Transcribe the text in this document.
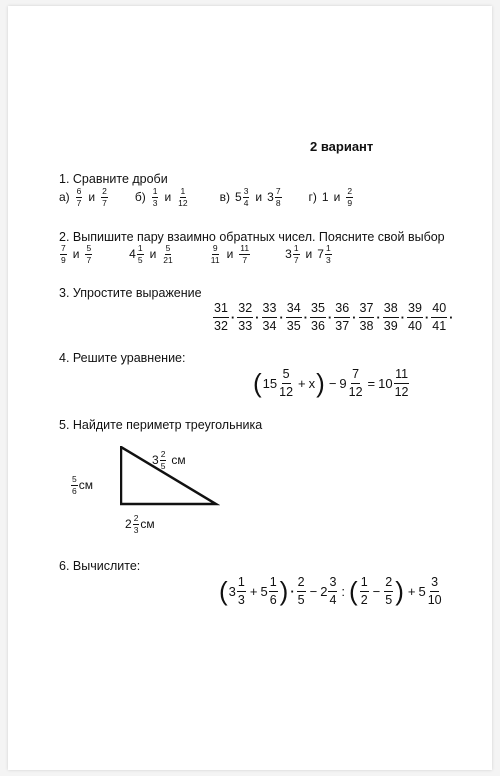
2 вариант
1. Сравните дроби
$а) \frac{6}{7}$ и $\frac{2}{7} б) \frac{1}{3}$ и $\frac{1}{12}$	в) $5 \frac{3}{4}$ и $3 \frac{7}{8} г$) 1 и $\frac{2}{9}$
2. Выпишите пару взаимно обратных чисел. Поясните свой выбор
$\frac{7}{9}$ и $\frac{5}{7}$	$4 \frac{1}{5}$ и $\frac{5}{21}$	$\frac{9}{11}$ и $\frac{11}{7}$	$3 \frac{1}{7}$ и $7 \frac{1}{3}$
3. Упростите выражение
$\frac{31}{32} \cdot \frac{32}{33} \cdot \frac{33}{34} \cdot \frac{34}{35} \cdot \frac{35}{36} \cdot \frac{36}{37} \cdot \frac{37}{38} \cdot \frac{38}{39} \cdot \frac{39}{40} \cdot \frac{40}{41}$ ·
4. Решите уравнение:
( $15 \frac{5}{12} + x$ ) − $9 \frac{7}{12} = 10 \frac{11}{12}$
5. Найдите периметр треугольника
$3 \frac{2}{5}$ см
$\frac{5}{6}$ см
$2 \frac{2}{3}$ см
6. Вычислите:
( $3 \frac{1}{3} + 5 \frac{1}{6}$ ) · $\frac{2}{5} - 2 \frac{3}{4}$ : ( $\frac{1}{2} - \frac{2}{5}$ ) + $5 \frac{3}{10}$
